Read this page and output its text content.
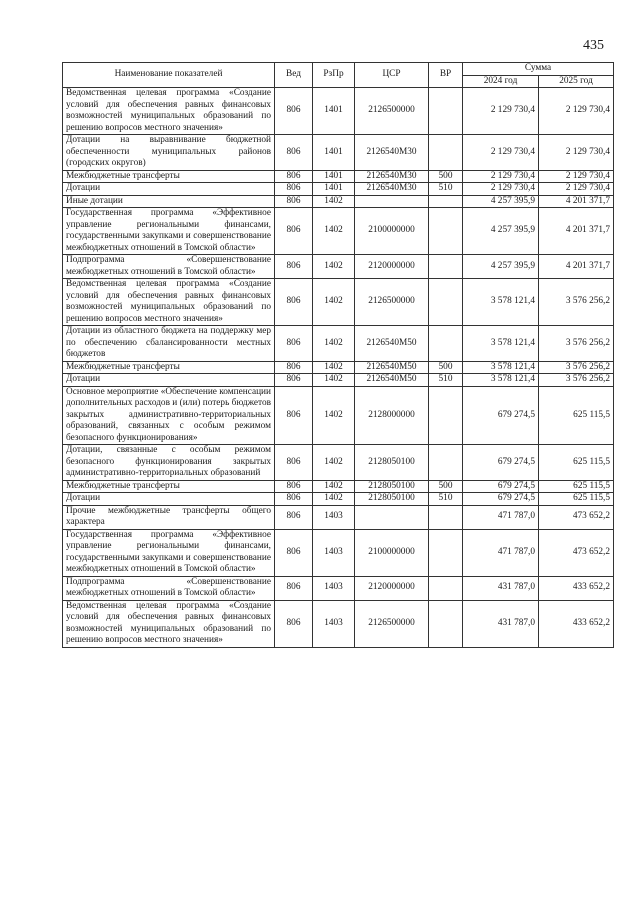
435
Наименование показателей	Вед	РзПр	ЦСР	ВР	Сумма	
					2024 год	2025 год
Ведомственная целевая программа «Создание условий для обеспечения равных финансовых возможностей муниципальных образований по решению вопросов местного значения»	806	1401	2126500000		2 129 730,4	2 129 730,4
Дотации на выравнивание бюджетной обеспеченности муниципальных районов (городских округов)	806	1401	2126540М30		2 129 730,4	2 129 730,4
Межбюджетные трансферты	806	1401	2126540М30	500	2 129 730,4	2 129 730,4
Дотации	806	1401	2126540М30	510	2 129 730,4	2 129 730,4
Иные дотации	806	1402			4 257 395,9	4 201 371,7
Государственная программа «Эффективное управление региональными финансами, государственными закупками и совершенствование межбюджетных отношений в Томской области»	806	1402	2100000000		4 257 395,9	4 201 371,7
Подпрограмма «Совершенствование межбюджетных отношений в Томской области»	806	1402	2120000000		4 257 395,9	4 201 371,7
Ведомственная целевая программа «Создание условий для обеспечения равных финансовых возможностей муниципальных образований по решению вопросов местного значения»	806	1402	2126500000		3 578 121,4	3 576 256,2
Дотации из областного бюджета на поддержку мер по обеспечению сбалансированности местных бюджетов	806	1402	2126540М50		3 578 121,4	3 576 256,2
Межбюджетные трансферты	806	1402	2126540М50	500	3 578 121,4	3 576 256,2
Дотации	806	1402	2126540М50	510	3 578 121,4	3 576 256,2
Основное мероприятие «Обеспечение компенсации дополнительных расходов и (или) потерь бюджетов закрытых административно-территориальных образований, связанных с особым режимом безопасного функционирования»	806	1402	2128000000		679 274,5	625 115,5
Дотации, связанные с особым режимом безопасного функционирования закрытых административно-территориальных образований	806	1402	2128050100		679 274,5	625 115,5
Межбюджетные трансферты	806	1402	2128050100	500	679 274,5	625 115,5
Дотации	806	1402	2128050100	510	679 274,5	625 115,5
Прочие межбюджетные трансферты общего характера	806	1403			471 787,0	473 652,2
Государственная программа «Эффективное управление региональными финансами, государственными закупками и совершенствование межбюджетных отношений в Томской области»	806	1403	2100000000		471 787,0	473 652,2
Подпрограмма «Совершенствование межбюджетных отношений в Томской области»	806	1403	2120000000		431 787,0	433 652,2
Ведомственная целевая программа «Создание условий для обеспечения равных финансовых возможностей муниципальных образований по решению вопросов местного значения»	806	1403	2126500000		431 787,0	433 652,2
